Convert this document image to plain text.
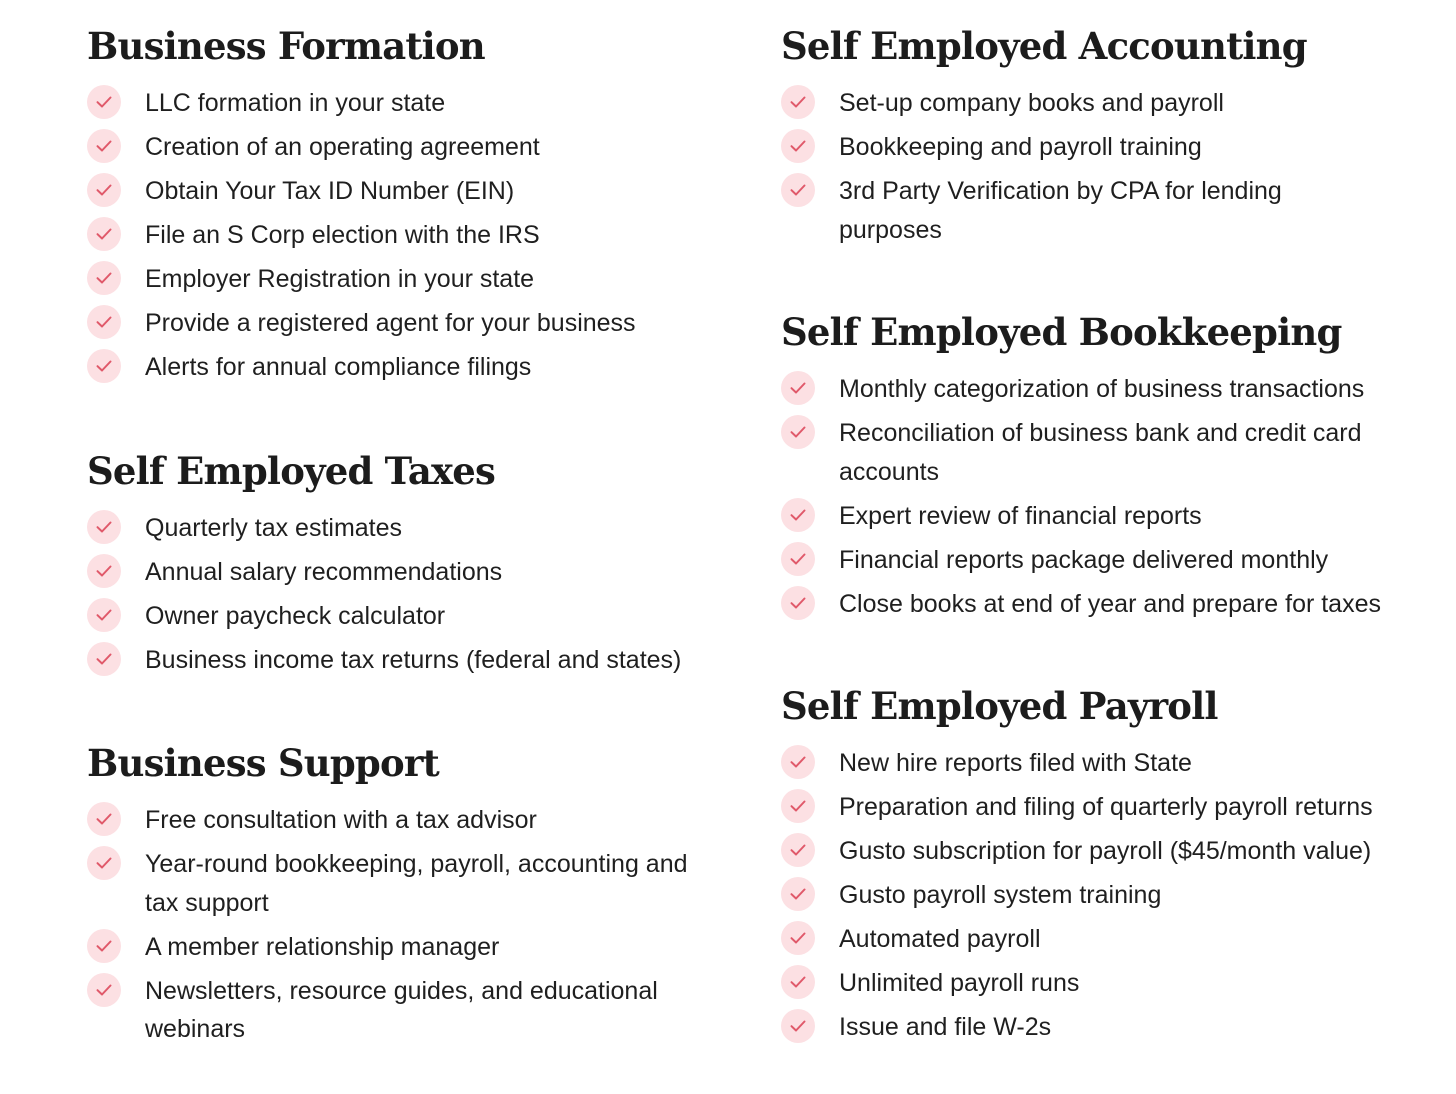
Business Formation
LLC formation in your state
Creation of an operating agreement
Obtain Your Tax ID Number (EIN)
File an S Corp election with the IRS
Employer Registration in your state
Provide a registered agent for your business
Alerts for annual compliance filings
Self Employed Taxes
Quarterly tax estimates
Annual salary recommendations
Owner paycheck calculator
Business income tax returns (federal and states)
Business Support
Free consultation with a tax advisor
Year-round bookkeeping, payroll, accounting and tax support
A member relationship manager
Newsletters, resource guides, and educational webinars
Self Employed Accounting
Set-up company books and payroll
Bookkeeping and payroll training
3rd Party Verification by CPA for lending purposes
Self Employed Bookkeeping
Monthly categorization of business transactions
Reconciliation of business bank and credit card accounts
Expert review of financial reports
Financial reports package delivered monthly
Close books at end of year and prepare for taxes
Self Employed Payroll
New hire reports filed with State
Preparation and filing of quarterly payroll returns
Gusto subscription for payroll ($45/month value)
Gusto payroll system training
Automated payroll
Unlimited payroll runs
Issue and file W-2s
